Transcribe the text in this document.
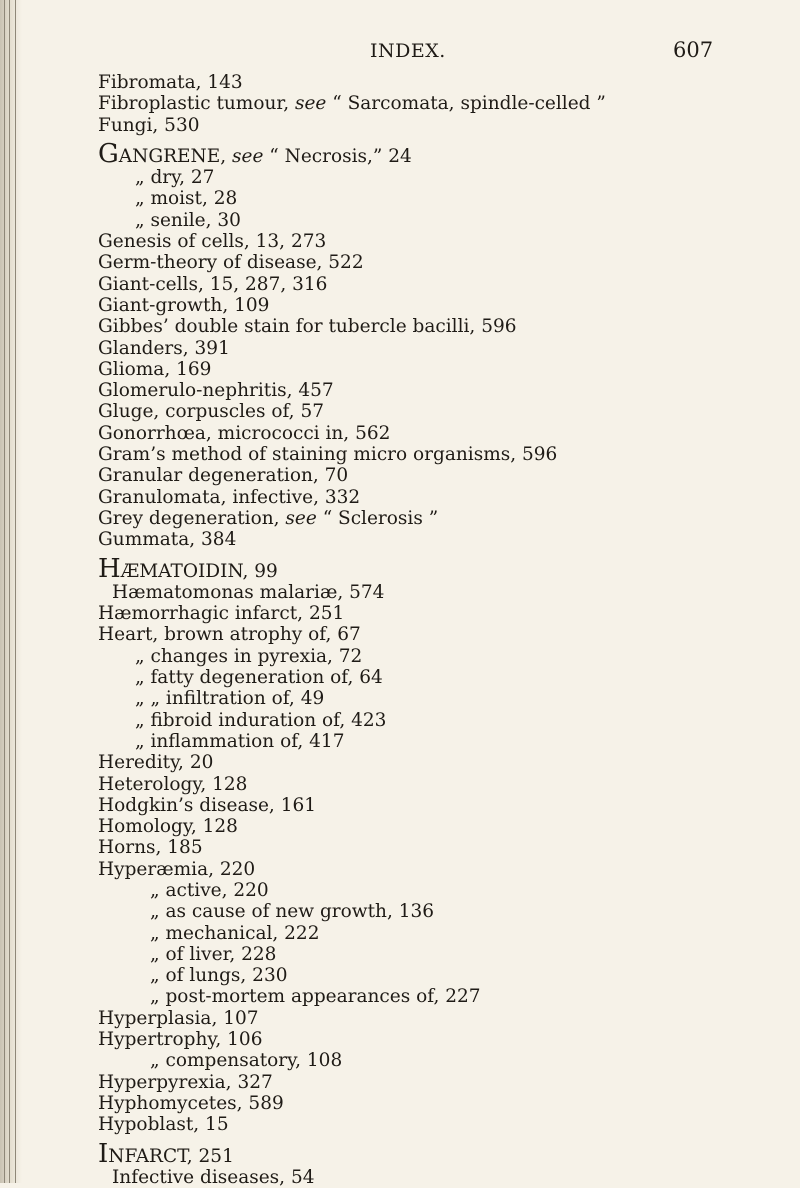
INDEX.	607
Fibromata, 143
Fibroplastic tumour, see “ Sarcomata, spindle-celled ”
Fungi, 530
GANGRENE, see “ Necrosis,” 24
„ dry, 27
„ moist, 28
„ senile, 30
Genesis of cells, 13, 273
Germ-theory of disease, 522
Giant-cells, 15, 287, 316
Giant-growth, 109
Gibbes’ double stain for tubercle bacilli, 596
Glanders, 391
Glioma, 169
Glomerulo-nephritis, 457
Gluge, corpuscles of, 57
Gonorrhœa, micrococci in, 562
Gram’s method of staining micro organisms, 596
Granular degeneration, 70
Granulomata, infective, 332
Grey degeneration, see “ Sclerosis ”
Gummata, 384
HÆMATOIDIN, 99
Hæmatomonas malariæ, 574
Hæmorrhagic infarct, 251
Heart, brown atrophy of, 67
„ changes in pyrexia, 72
„ fatty degeneration of, 64
„ „ infiltration of, 49
„ fibroid induration of, 423
„ inflammation of, 417
Heredity, 20
Heterology, 128
Hodgkin’s disease, 161
Homology, 128
Horns, 185
Hyperæmia, 220
„ active, 220
„ as cause of new growth, 136
„ mechanical, 222
„ of liver, 228
„ of lungs, 230
„ post-mortem appearances of, 227
Hyperplasia, 107
Hypertrophy, 106
„ compensatory, 108
Hyperpyrexia, 327
Hyphomycetes, 589
Hypoblast, 15
INFARCT, 251
Infective diseases, 54
